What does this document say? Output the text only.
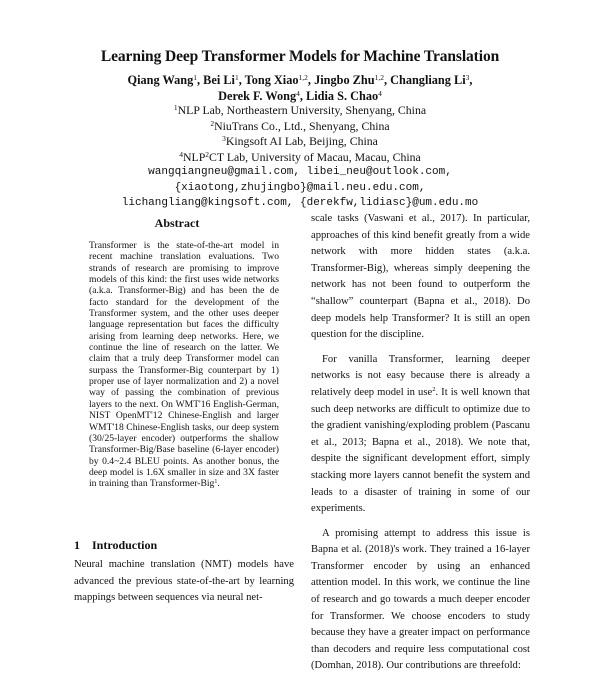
Learning Deep Transformer Models for Machine Translation
Qiang Wang$^1$, Bei Li$^1$, Tong Xiao$^{1,2}$, Jingbo Zhu$^{1,2}$, Changliang Li$^3$,
Derek F. Wong$^4$, Lidia S. Chao$^4$
$^1$NLP Lab, Northeastern University, Shenyang, China
$^2$NiuTrans Co., Ltd., Shenyang, China
$^3$Kingsoft AI Lab, Beijing, China
$^4$NLP$^2$CT Lab, University of Macau, Macau, China
wangqiangneu@gmail.com, libei_neu@outlook.com,
{xiaotong,zhujingbo}@mail.neu.edu.com,
lichangliang@kingsoft.com, {derekfw,lidiasc}@um.edu.mo
Abstract
Transformer is the state-of-the-art model in recent machine translation evaluations. Two strands of research are promising to improve models of this kind: the first uses wide networks (a.k.a. Transformer-Big) and has been the de facto standard for the development of the Transformer system, and the other uses deeper language representation but faces the difficulty arising from learning deep networks. Here, we continue the line of research on the latter. We claim that a truly deep Transformer model can surpass the Transformer-Big counterpart by 1) proper use of layer normalization and 2) a novel way of passing the combination of previous layers to the next. On WMT'16 English-German, NIST OpenMT'12 Chinese-English and larger WMT'18 Chinese-English tasks, our deep system (30/25-layer encoder) outperforms the shallow Transformer-Big/Base baseline (6-layer encoder) by 0.4~2.4 BLEU points. As another bonus, the deep model is 1.6X smaller in size and 3X faster in training than Transformer-Big$^1$.
1 Introduction
Neural machine translation (NMT) models have advanced the previous state-of-the-art by learning mappings between sequences via neural net-

scale tasks (Vaswani et al., 2017). In particular, approaches of this kind benefit greatly from a wide network with more hidden states (a.k.a. Transformer-Big), whereas simply deepening the network has not been found to outperform the “shallow” counterpart (Bapna et al., 2018). Do deep models help Transformer? It is still an open question for the discipline.

For vanilla Transformer, learning deeper networks is not easy because there is already a relatively deep model in use$^2$. It is well known that such deep networks are difficult to optimize due to the gradient vanishing/exploding problem (Pascanu et al., 2013; Bapna et al., 2018). We note that, despite the significant development effort, simply stacking more layers cannot benefit the system and leads to a disaster of training in some of our experiments.

A promising attempt to address this issue is Bapna et al. (2018)'s work. They trained a 16-layer Transformer encoder by using an enhanced attention model. In this work, we continue the line of research and go towards a much deeper encoder for Transformer. We choose encoders to study because they have a greater impact on performance than decoders and require less computational cost (Domhan, 2018). Our contributions are threefold:
